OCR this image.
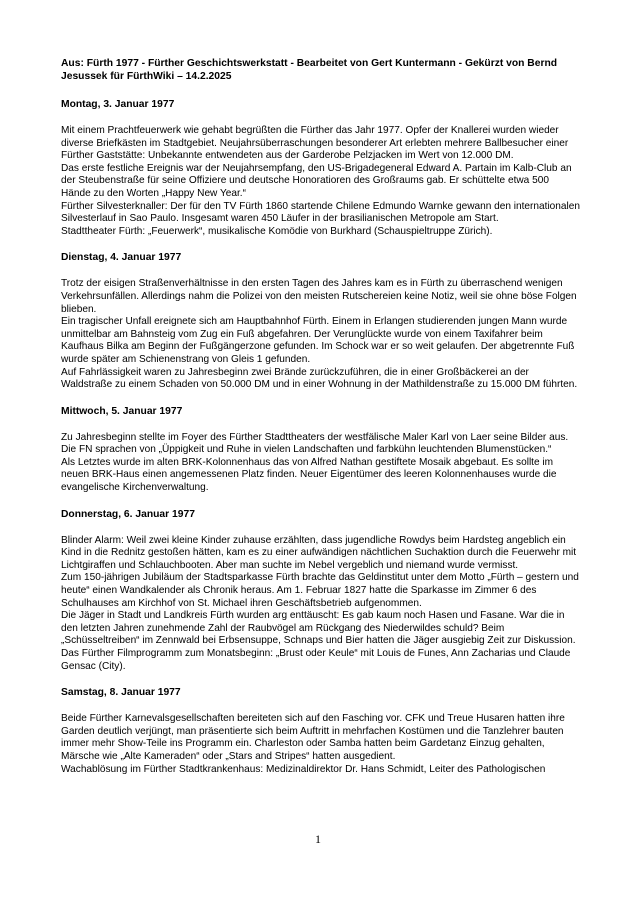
Aus: Fürth 1977 - Fürther Geschichtswerkstatt - Bearbeitet von Gert Kuntermann - Gekürzt von Bernd Jesussek für FürthWiki – 14.2.2025

Montag, 3. Januar 1977

Mit einem Prachtfeuerwerk wie gehabt begrüßten die Fürther das Jahr 1977. Opfer der Knallerei wurden wieder diverse Briefkästen im Stadtgebiet. Neujahrsüberraschungen besonderer Art erlebten mehrere Ballbesucher einer Fürther Gaststätte: Unbekannte entwendeten aus der Garderobe Pelzjacken im Wert von 12.000 DM.

Das erste festliche Ereignis war der Neujahrsempfang, den US-Brigadegeneral Edward A. Partain im Kalb-Club an der Steubenstraße für seine Offiziere und deutsche Honoratioren des Großraums gab. Er schüttelte etwa 500 Hände zu den Worten „Happy New Year.“

Fürther Silvesterknaller: Der für den TV Fürth 1860 startende Chilene Edmundo Warnke gewann den internationalen Silvesterlauf in Sao Paulo. Insgesamt waren 450 Läufer in der brasilianischen Metropole am Start.

Stadttheater Fürth: „Feuerwerk“, musikalische Komödie von Burkhard (Schauspieltruppe Zürich).

Dienstag, 4. Januar 1977

Trotz der eisigen Straßenverhältnisse in den ersten Tagen des Jahres kam es in Fürth zu überraschend wenigen Verkehrsunfällen. Allerdings nahm die Polizei von den meisten Rutschereien keine Notiz, weil sie ohne böse Folgen blieben.

Ein tragischer Unfall ereignete sich am Hauptbahnhof Fürth. Einem in Erlangen studierenden jungen Mann wurde unmittelbar am Bahnsteig vom Zug ein Fuß abgefahren. Der Verunglückte wurde von einem Taxifahrer beim Kaufhaus Bilka am Beginn der Fußgängerzone gefunden. Im Schock war er so weit gelaufen. Der abgetrennte Fuß wurde später am Schienenstrang von Gleis 1 gefunden.

Auf Fahrlässigkeit waren zu Jahresbeginn zwei Brände zurückzuführen, die in einer Großbäckerei an der Waldstraße zu einem Schaden von 50.000 DM und in einer Wohnung in der Mathildenstraße zu 15.000 DM führten.

Mittwoch, 5. Januar 1977

Zu Jahresbeginn stellte im Foyer des Fürther Stadttheaters der westfälische Maler Karl von Laer seine Bilder aus. Die FN sprachen von „Üppigkeit und Ruhe in vielen Landschaften und farbkühn leuchtenden Blumenstücken.“

Als Letztes wurde im alten BRK-Kolonnenhaus das von Alfred Nathan gestiftete Mosaik abgebaut. Es sollte im neuen BRK-Haus einen angemessenen Platz finden. Neuer Eigentümer des leeren Kolonnenhauses wurde die evangelische Kirchenverwaltung.

Donnerstag, 6. Januar 1977

Blinder Alarm: Weil zwei kleine Kinder zuhause erzählten, dass jugendliche Rowdys beim Hardsteg angeblich ein Kind in die Rednitz gestoßen hätten, kam es zu einer aufwändigen nächtlichen Suchaktion durch die Feuerwehr mit Lichtgiraffen und Schlauchbooten. Aber man suchte im Nebel vergeblich und niemand wurde vermisst.

Zum 150-jährigen Jubiläum der Stadtsparkasse Fürth brachte das Geldinstitut unter dem Motto „Fürth – gestern und heute“ einen Wandkalender als Chronik heraus. Am 1. Februar 1827 hatte die Sparkasse im Zimmer 6 des Schulhauses am Kirchhof von St. Michael ihren Geschäftsbetrieb aufgenommen.

Die Jäger in Stadt und Landkreis Fürth wurden arg enttäuscht: Es gab kaum noch Hasen und Fasane. War die in den letzten Jahren zunehmende Zahl der Raubvögel am Rückgang des Niederwildes schuld? Beim „Schüsseltreiben“ im Zennwald bei Erbsensuppe, Schnaps und Bier hatten die Jäger ausgiebig Zeit zur Diskussion.

Das Fürther Filmprogramm zum Monatsbeginn: „Brust oder Keule“ mit Louis de Funes, Ann Zacharias und Claude Gensac (City).

Samstag, 8. Januar 1977

Beide Fürther Karnevalsgesellschaften bereiteten sich auf den Fasching vor. CFK und Treue Husaren hatten ihre Garden deutlich verjüngt, man präsentierte sich beim Auftritt in mehrfachen Kostümen und die Tanzlehrer bauten immer mehr Show-Teile ins Programm ein. Charleston oder Samba hatten beim Gardetanz Einzug gehalten, Märsche wie „Alte Kameraden“ oder „Stars and Stripes“ hatten ausgedient.

Wachablösung im Fürther Stadtkrankenhaus: Medizinaldirektor Dr. Hans Schmidt, Leiter des Pathologischen

1
